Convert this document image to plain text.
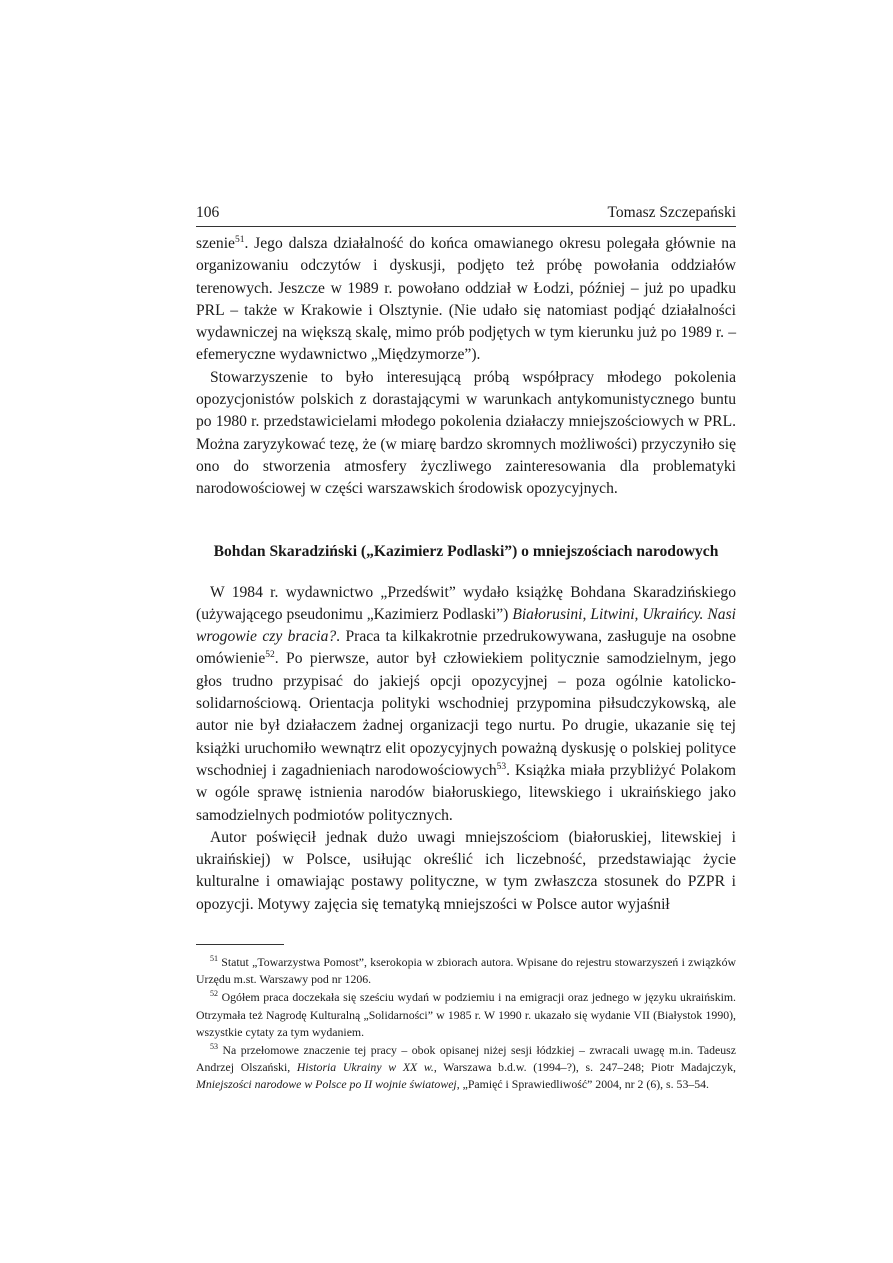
106	Tomasz Szczepański

szenie$^{51}$. Jego dalsza działalność do końca omawianego okresu polegała głównie na organizowaniu odczytów i dyskusji, podjęto też próbę powołania oddziałów terenowych. Jeszcze w 1989 r. powołano oddział w Łodzi, później – już po upadku PRL – także w Krakowie i Olsztynie. (Nie udało się natomiast podjąć działalności wydawniczej na większą skalę, mimo prób podjętych w tym kierunku już po 1989 r. – efemeryczne wydawnictwo „Międzymorze”).

Stowarzyszenie to było interesującą próbą współpracy młodego pokolenia opozycjonistów polskich z dorastającymi w warunkach antykomunistycznego buntu po 1980 r. przedstawicielami młodego pokolenia działaczy mniejszościowych w PRL. Można zaryzykować tezę, że (w miarę bardzo skromnych możliwości) przyczyniło się ono do stworzenia atmosfery życzliwego zainteresowania dla problematyki narodowościowej w części warszawskich środowisk opozycyjnych.

Bohdan Skaradziński („Kazimierz Podlaski”) o mniejszościach narodowych

W 1984 r. wydawnictwo „Przedświt” wydało książkę Bohdana Skaradzińskiego (używającego pseudonimu „Kazimierz Podlaski”) Białorusini, Litwini, Ukraińcy. Nasi wrogowie czy bracia?. Praca ta kilkakrotnie przedrukowywana, zasługuje na osobne omówienie$^{52}$. Po pierwsze, autor był człowiekiem politycznie samodzielnym, jego głos trudno przypisać do jakiejś opcji opozycyjnej – poza ogólnie katolicko-solidarnościową. Orientacja polityki wschodniej przypomina piłsudczykowską, ale autor nie był działaczem żadnej organizacji tego nurtu. Po drugie, ukazanie się tej książki uruchomiło wewnątrz elit opozycyjnych poważną dyskusję o polskiej polityce wschodniej i zagadnieniach narodowościowych$^{53}$. Książka miała przybliżyć Polakom w ogóle sprawę istnienia narodów białoruskiego, litewskiego i ukraińskiego jako samodzielnych podmiotów politycznych.

Autor poświęcił jednak dużo uwagi mniejszościom (białoruskiej, litewskiej i ukraińskiej) w Polsce, usiłując określić ich liczebność, przedstawiając życie kulturalne i omawiając postawy polityczne, w tym zwłaszcza stosunek do PZPR i opozycji. Motywy zajęcia się tematyką mniejszości w Polsce autor wyjaśnił

$^{51}$ Statut „Towarzystwa Pomost”, kserokopia w zbiorach autora. Wpisane do rejestru stowarzyszeń i związków Urzędu m.st. Warszawy pod nr 1206.

$^{52}$ Ogółem praca doczekała się sześciu wydań w podziemiu i na emigracji oraz jednego w języku ukraińskim. Otrzymała też Nagrodę Kulturalną „Solidarności” w 1985 r. W 1990 r. ukazało się wydanie VII (Białystok 1990), wszystkie cytaty za tym wydaniem.

$^{53}$ Na przełomowe znaczenie tej pracy – obok opisanej niżej sesji łódzkiej – zwracali uwagę m.in. Tadeusz Andrzej Olszański, Historia Ukrainy w XX w., Warszawa b.d.w. (1994–?), s. 247–248; Piotr Madajczyk, Mniejszości narodowe w Polsce po II wojnie światowej, „Pamięć i Sprawiedliwość” 2004, nr 2 (6), s. 53–54.
